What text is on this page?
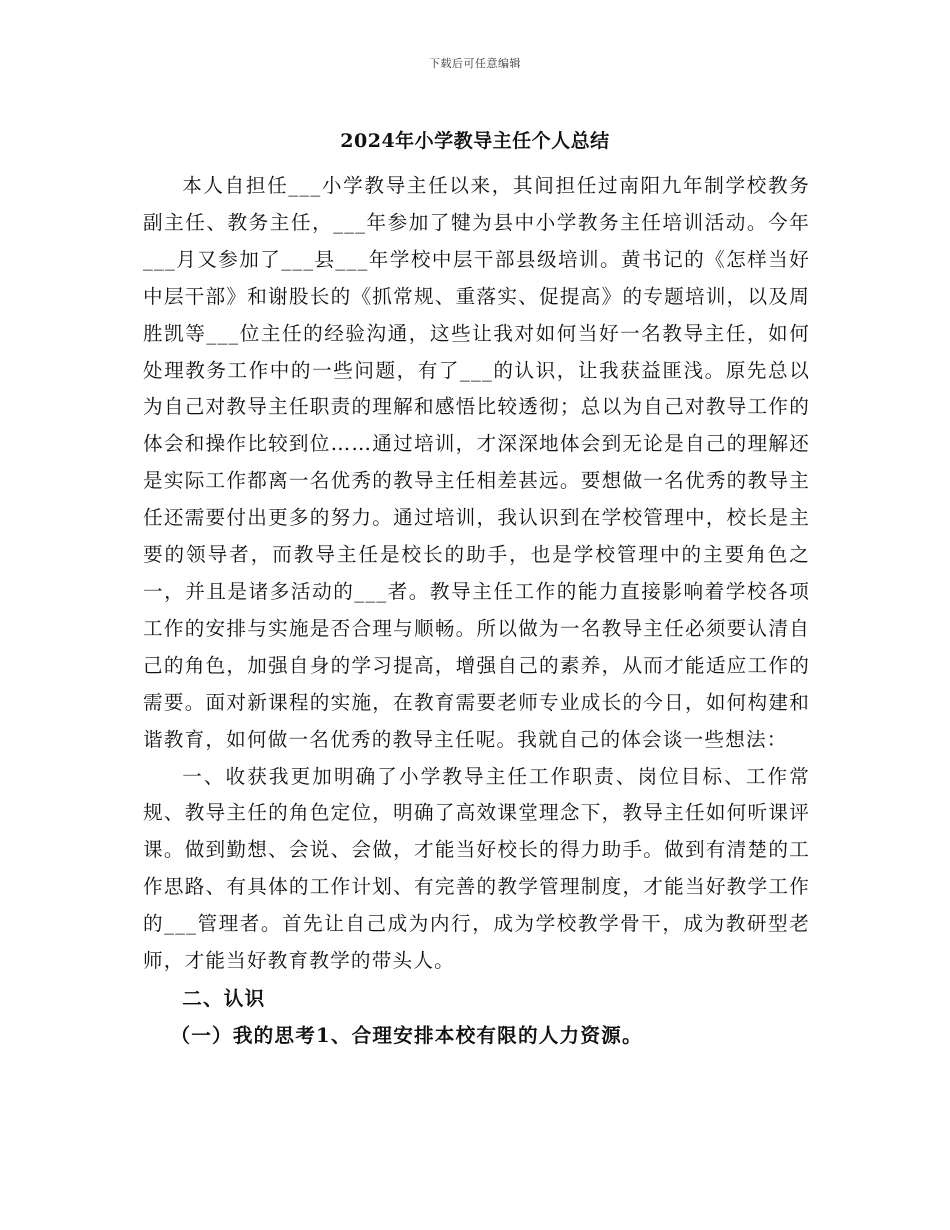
下载后可任意编辑
2024年小学教导主任个人总结

本人自担任___小学教导主任以来，其间担任过南阳九年制学校教务副主任、教务主任，___年参加了犍为县中小学教务主任培训活动。今年___月又参加了___县___年学校中层干部县级培训。黄书记的《怎样当好中层干部》和谢股长的《抓常规、重落实、促提高》的专题培训，以及周胜凯等___位主任的经验沟通，这些让我对如何当好一名教导主任，如何处理教务工作中的一些问题，有了___的认识，让我获益匪浅。原先总以为自己对教导主任职责的理解和感悟比较透彻；总以为自己对教导工作的体会和操作比较到位……通过培训，才深深地体会到无论是自己的理解还是实际工作都离一名优秀的教导主任相差甚远。要想做一名优秀的教导主任还需要付出更多的努力。通过培训，我认识到在学校管理中，校长是主要的领导者，而教导主任是校长的助手，也是学校管理中的主要角色之一，并且是诸多活动的___者。教导主任工作的能力直接影响着学校各项工作的安排与实施是否合理与顺畅。所以做为一名教导主任必须要认清自己的角色，加强自身的学习提高，增强自己的素养，从而才能适应工作的需要。面对新课程的实施，在教育需要老师专业成长的今日，如何构建和谐教育，如何做一名优秀的教导主任呢。我就自己的体会谈一些想法：

一、收获我更加明确了小学教导主任工作职责、岗位目标、工作常规、教导主任的角色定位，明确了高效课堂理念下，教导主任如何听课评课。做到勤想、会说、会做，才能当好校长的得力助手。做到有清楚的工作思路、有具体的工作计划、有完善的教学管理制度，才能当好教学工作的___管理者。首先让自己成为内行，成为学校教学骨干，成为教研型老师，才能当好教育教学的带头人。

二、认识

（一）我的思考1、合理安排本校有限的人力资源。
